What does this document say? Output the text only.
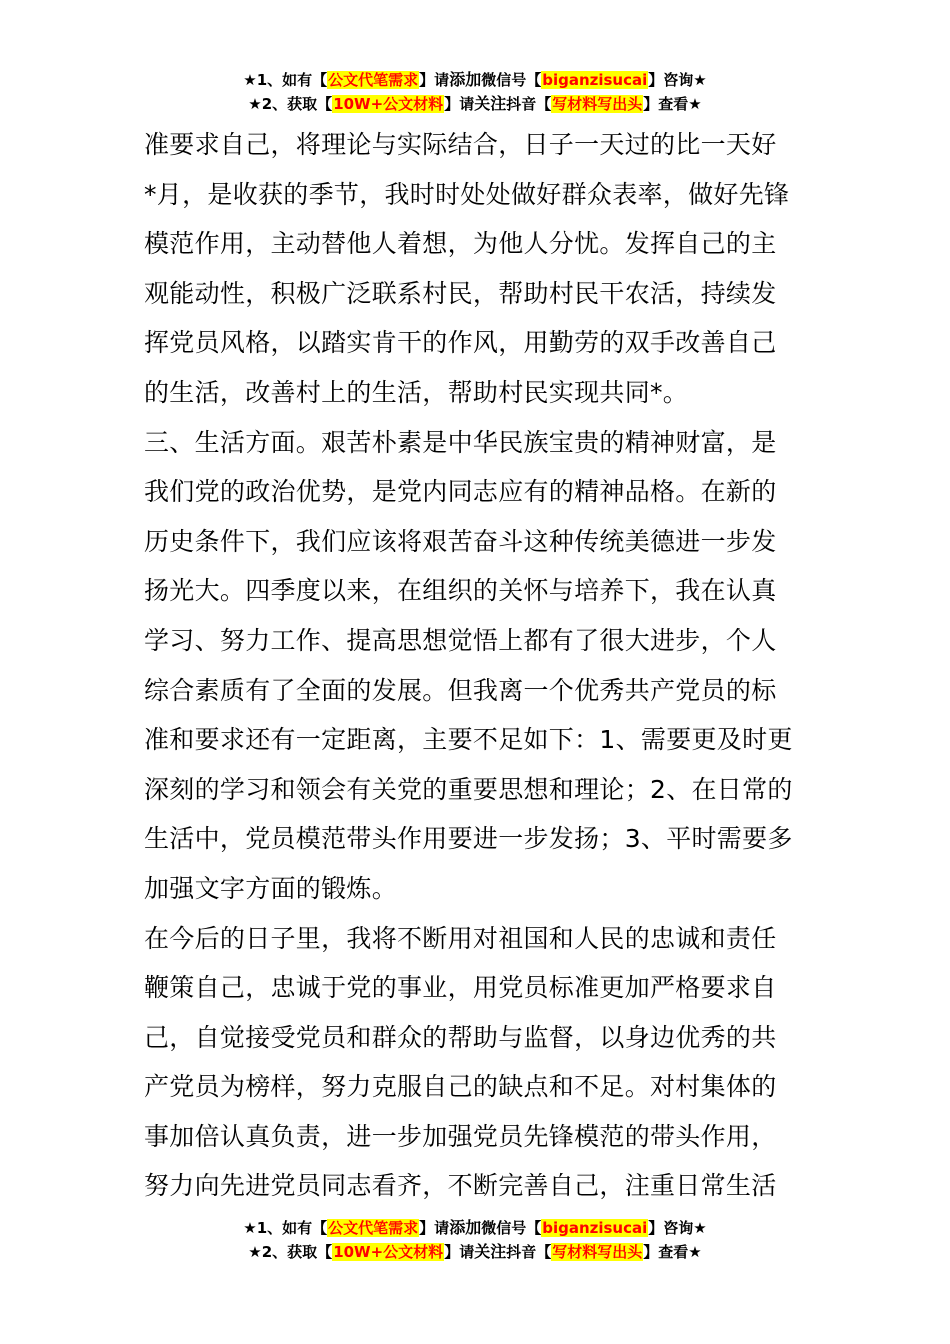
★1、如有【公文代笔需求】请添加微信号【biganzisucai】咨询★
★2、获取【10W+公文材料】请关注抖音【写材料写出头】查看★

准要求自己，将理论与实际结合，日子一天过的比一天好

*月，是收获的季节，我时时处处做好群众表率，做好先锋
模范作用，主动替他人着想，为他人分忧。发挥自己的主
观能动性，积极广泛联系村民，帮助村民干农活，持续发
挥党员风格，以踏实肯干的作风，用勤劳的双手改善自己
的生活，改善村上的生活，帮助村民实现共同*。

三、生活方面。艰苦朴素是中华民族宝贵的精神财富，是
我们党的政治优势，是党内同志应有的精神品格。在新的
历史条件下，我们应该将艰苦奋斗这种传统美德进一步发
扬光大。四季度以来，在组织的关怀与培养下，我在认真
学习、努力工作、提高思想觉悟上都有了很大进步，个人
综合素质有了全面的发展。但我离一个优秀共产党员的标
准和要求还有一定距离，主要不足如下：1、需要更及时更
深刻的学习和领会有关党的重要思想和理论；2、在日常的
生活中，党员模范带头作用要进一步发扬；3、平时需要多
加强文字方面的锻炼。

在今后的日子里，我将不断用对祖国和人民的忠诚和责任
鞭策自己，忠诚于党的事业，用党员标准更加严格要求自
己，自觉接受党员和群众的帮助与监督，以身边优秀的共
产党员为榜样，努力克服自己的缺点和不足。对村集体的
事加倍认真负责，进一步加强党员先锋模范的带头作用，
努力向先进党员同志看齐，不断完善自己，注重日常生活

★1、如有【公文代笔需求】请添加微信号【biganzisucai】咨询★
★2、获取【10W+公文材料】请关注抖音【写材料写出头】查看★
